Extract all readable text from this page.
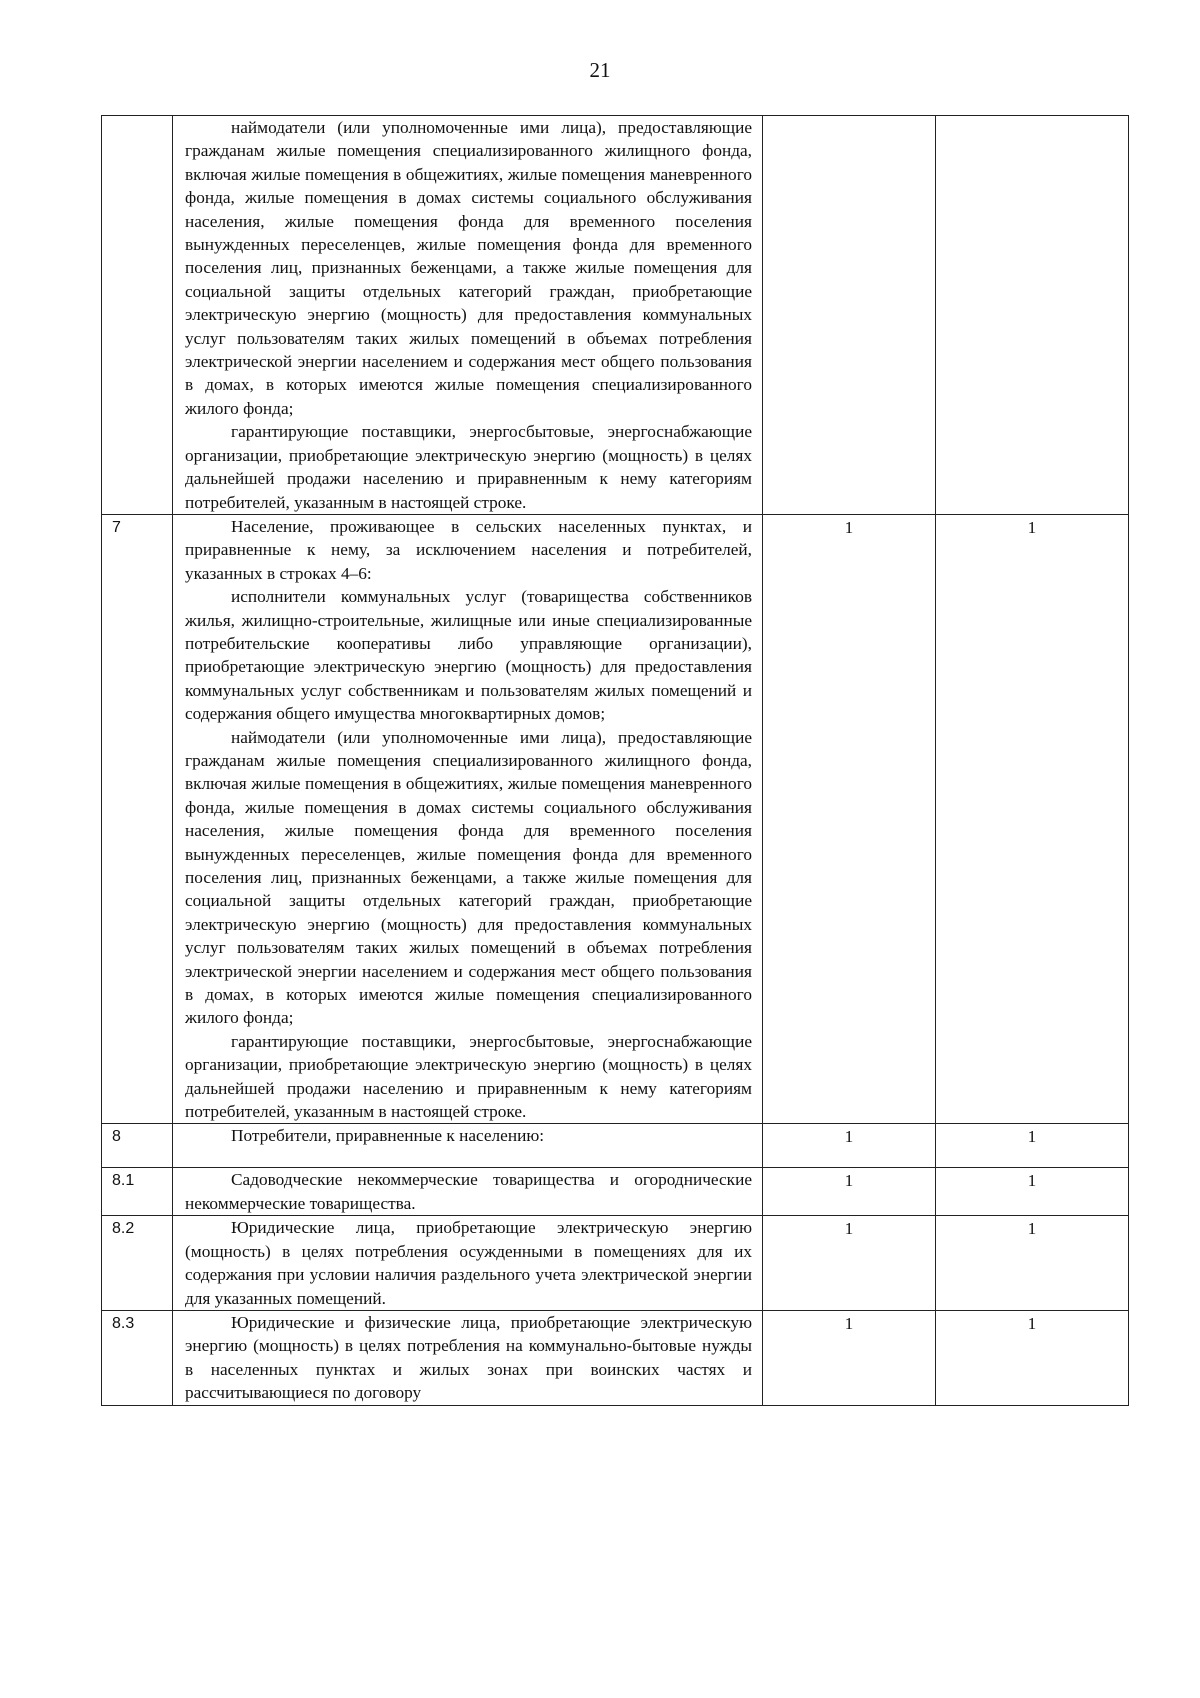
21

	наймодатели (или уполномоченные ими лица), предоставляющие гражданам жилые помещения специализированного жилищного фонда, включая жилые помещения в общежитиях, жилые помещения маневренного фонда, жилые помещения в домах системы социального обслуживания населения, жилые помещения фонда для временного поселения вынужденных переселенцев, жилые помещения фонда для временного поселения лиц, признанных беженцами, а также жилые помещения для социальной защиты отдельных категорий граждан, приобретающие электрическую энергию (мощность) для предоставления коммунальных услуг пользователям таких жилых помещений в объемах потребления электрической энергии населением и содержания мест общего пользования в домах, в которых имеются жилые помещения специализированного жилого фонда;

гарантирующие поставщики, энергосбытовые, энергоснабжающие организации, приобретающие электрическую энергию (мощность) в целях дальнейшей продажи населению и приравненным к нему категориям потребителей, указанным в настоящей строке.		

7	Население, проживающее в сельских населенных пунктах, и приравненные к нему, за исключением населения и потребителей, указанных в строках 4–6:

исполнители коммунальных услуг (товарищества собственников жилья, жилищно-строительные, жилищные или иные специализированные потребительские кооперативы либо управляющие организации), приобретающие электрическую энергию (мощность) для предоставления коммунальных услуг собственникам и пользователям жилых помещений и содержания общего имущества многоквартирных домов;

наймодатели (или уполномоченные ими лица), предоставляющие гражданам жилые помещения специализированного жилищного фонда, включая жилые помещения в общежитиях, жилые помещения маневренного фонда, жилые помещения в домах системы социального обслуживания населения, жилые помещения фонда для временного поселения вынужденных переселенцев, жилые помещения фонда для временного поселения лиц, признанных беженцами, а также жилые помещения для социальной защиты отдельных категорий граждан, приобретающие электрическую энергию (мощность) для предоставления коммунальных услуг пользователям таких жилых помещений в объемах потребления электрической энергии населением и содержания мест общего пользования в домах, в которых имеются жилые помещения специализированного жилого фонда;

гарантирующие поставщики, энергосбытовые, энергоснабжающие организации, приобретающие электрическую энергию (мощность) в целях дальнейшей продажи населению и приравненным к нему категориям потребителей, указанным в настоящей строке.	1	1
8	Потребители, приравненные к населению:	1	1
8.1	Садоводческие некоммерческие товарищества и огороднические некоммерческие товарищества.	1	1
8.2	Юридические лица, приобретающие электрическую энергию (мощность) в целях потребления осужденными в помещениях для их содержания при условии наличия раздельного учета электрической энергии для указанных помещений.	1	1
8.3	Юридические и физические лица, приобретающие электрическую энергию (мощность) в целях потребления на коммунально-бытовые нужды в населенных пунктах и жилых зонах при воинских частях и рассчитывающиеся по договору	1	1
